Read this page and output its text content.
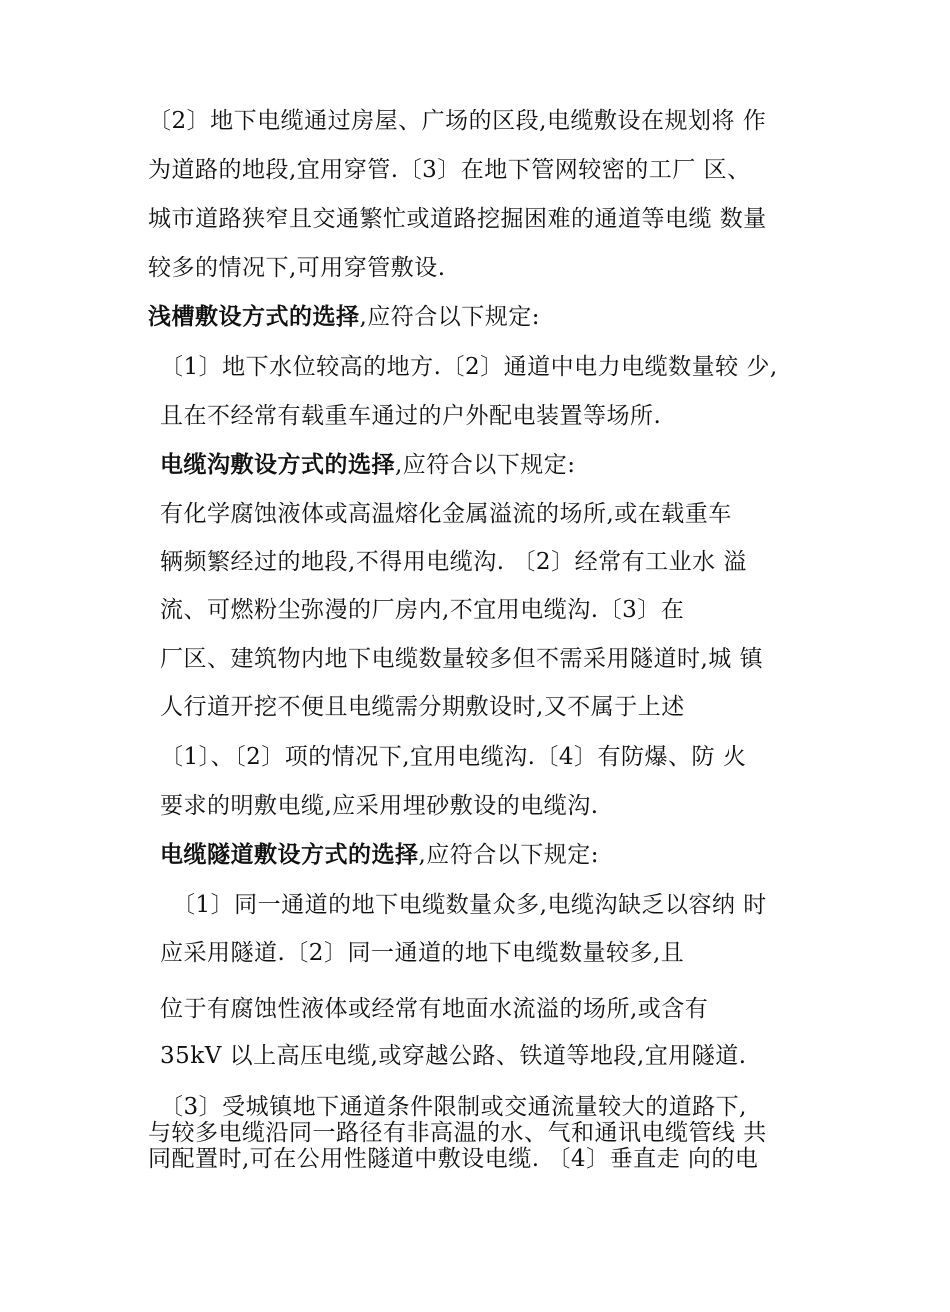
〔2〕地下电缆通过房屋、广场的区段,电缆敷设在规划将 作
为道路的地段,宜用穿管.〔3〕在地下管网较密的工厂 区、
城市道路狭窄且交通繁忙或道路挖掘困难的通道等电缆 数量
较多的情况下,可用穿管敷设.
浅槽敷设方式的选择,应符合以下规定:
〔1〕地下水位较高的地方.〔2〕通道中电力电缆数量较 少,
且在不经常有载重车通过的户外配电装置等场所.
电缆沟敷设方式的选择,应符合以下规定:
有化学腐蚀液体或高温熔化金属溢流的场所,或在载重车
辆频繁经过的地段,不得用电缆沟. 〔2〕经常有工业水 溢
流、可燃粉尘弥漫的厂房内,不宜用电缆沟.〔3〕在
厂区、建筑物内地下电缆数量较多但不需采用隧道时,城 镇
人行道开挖不便且电缆需分期敷设时,又不属于上述
〔1〕、〔2〕项的情况下,宜用电缆沟.〔4〕有防爆、防 火
要求的明敷电缆,应采用埋砂敷设的电缆沟.
电缆隧道敷设方式的选择,应符合以下规定:
〔1〕同一通道的地下电缆数量众多,电缆沟缺乏以容纳 时
应采用隧道.〔2〕同一通道的地下电缆数量较多,且
位于有腐蚀性液体或经常有地面水流溢的场所,或含有
35kV 以上高压电缆,或穿越公路、铁道等地段,宜用隧道.
〔3〕受城镇地下通道条件限制或交通流量较大的道路下,
与较多电缆沿同一路径有非高温的水、气和通讯电缆管线 共
同配置时,可在公用性隧道中敷设电缆. 〔4〕垂直走 向的电
